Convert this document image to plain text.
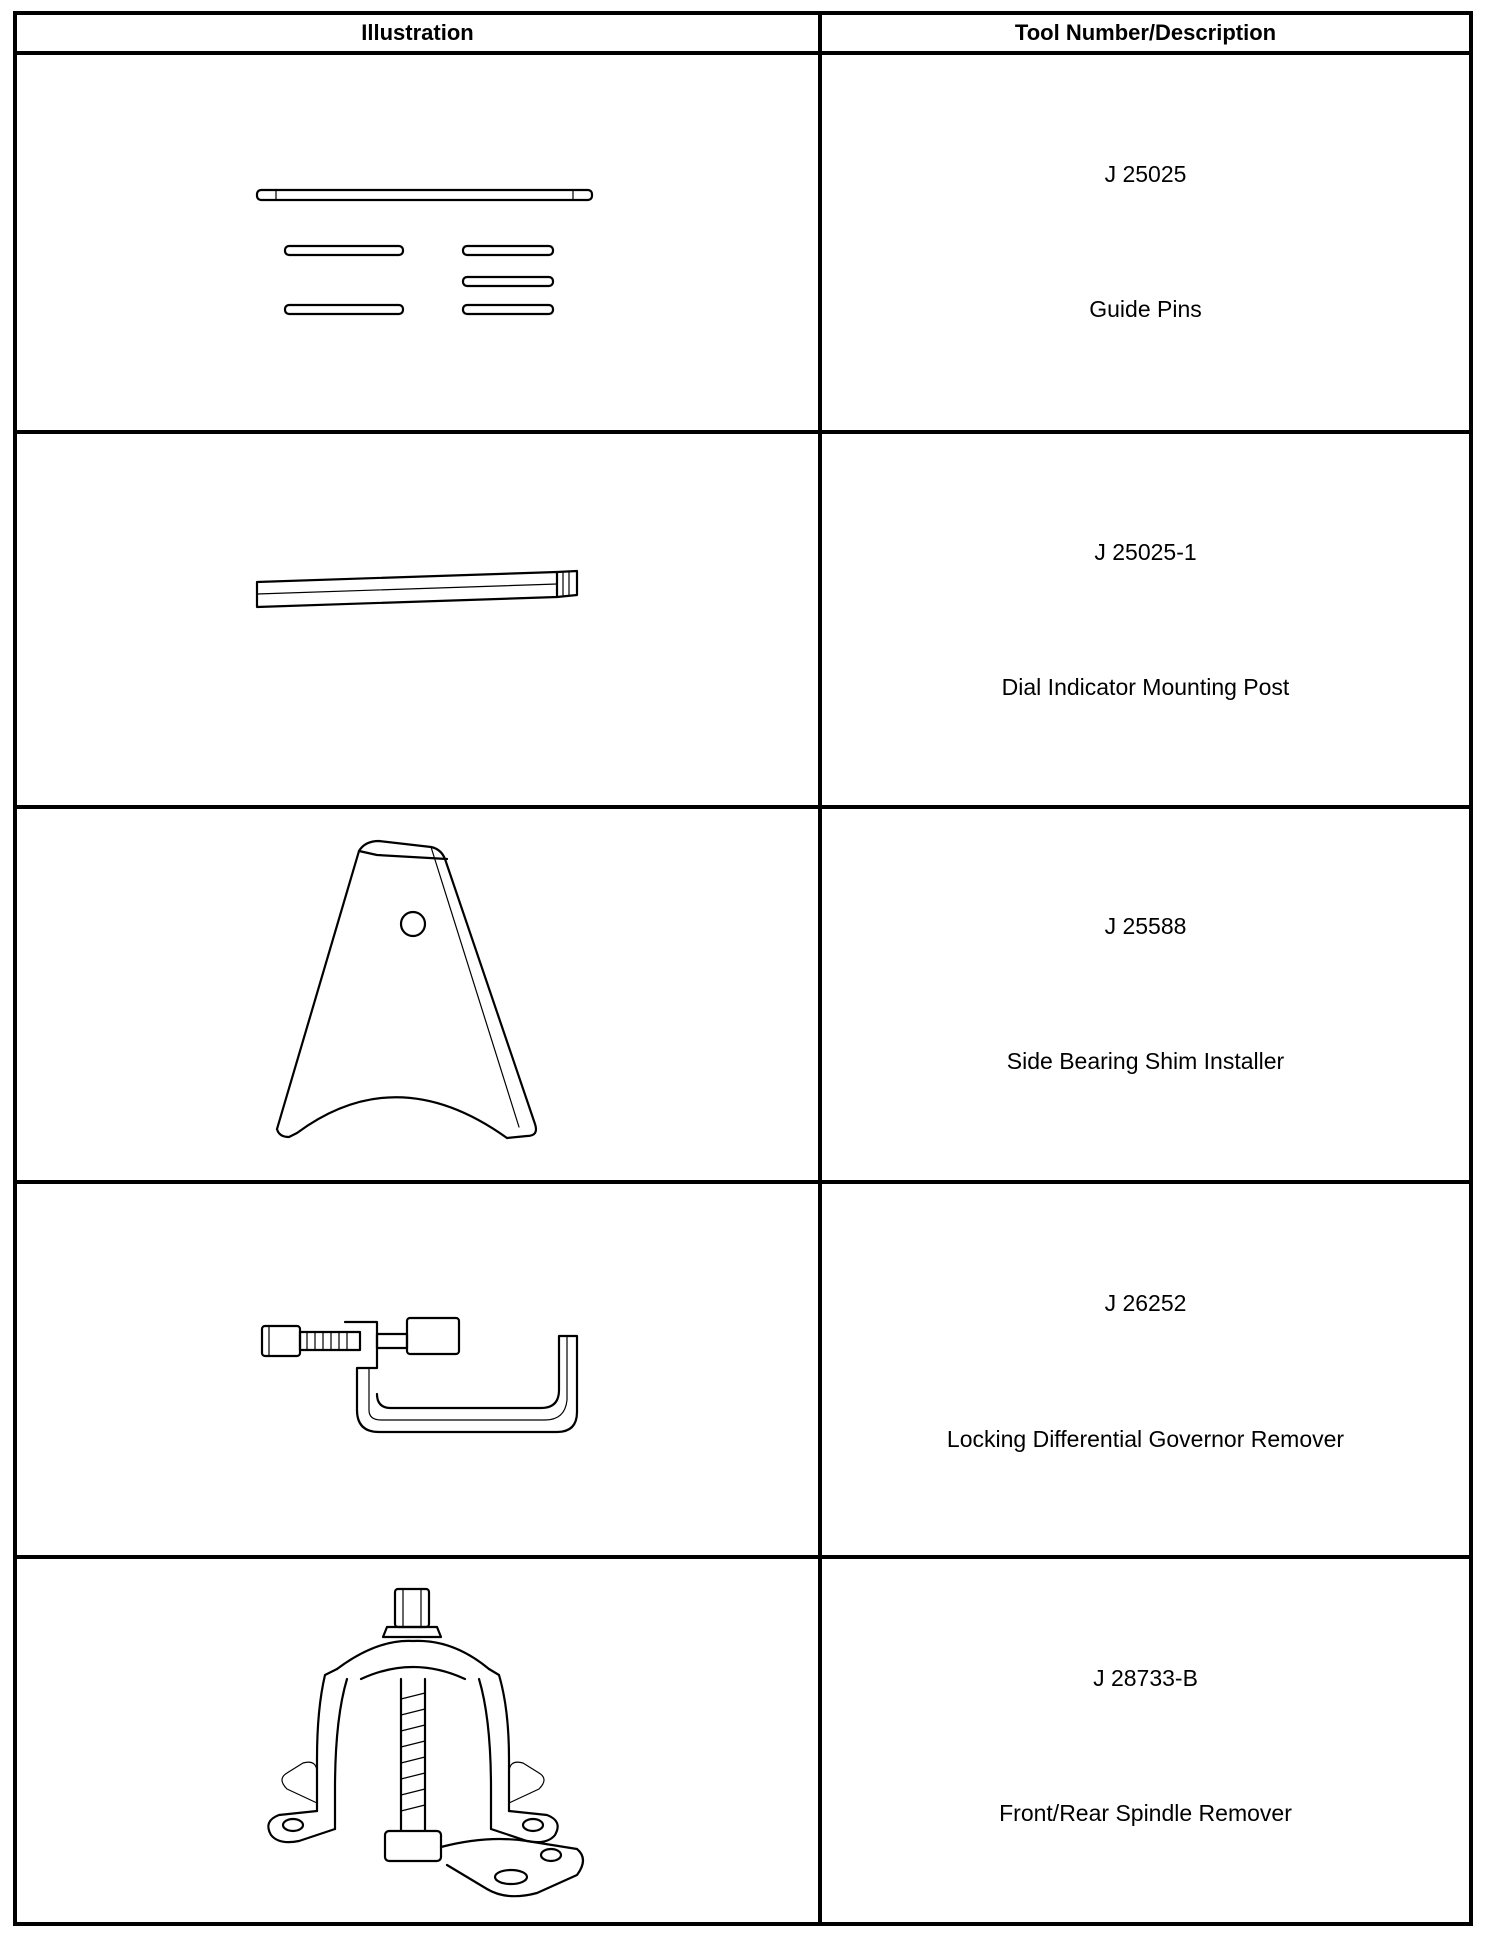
Illustration	Tool Number/Description
J 25025
Guide Pins
J 25025-1
Dial Indicator Mounting Post
J 25588
Side Bearing Shim Installer
J 26252
Locking Differential Governor Remover
J 28733-B
Front/Rear Spindle Remover
